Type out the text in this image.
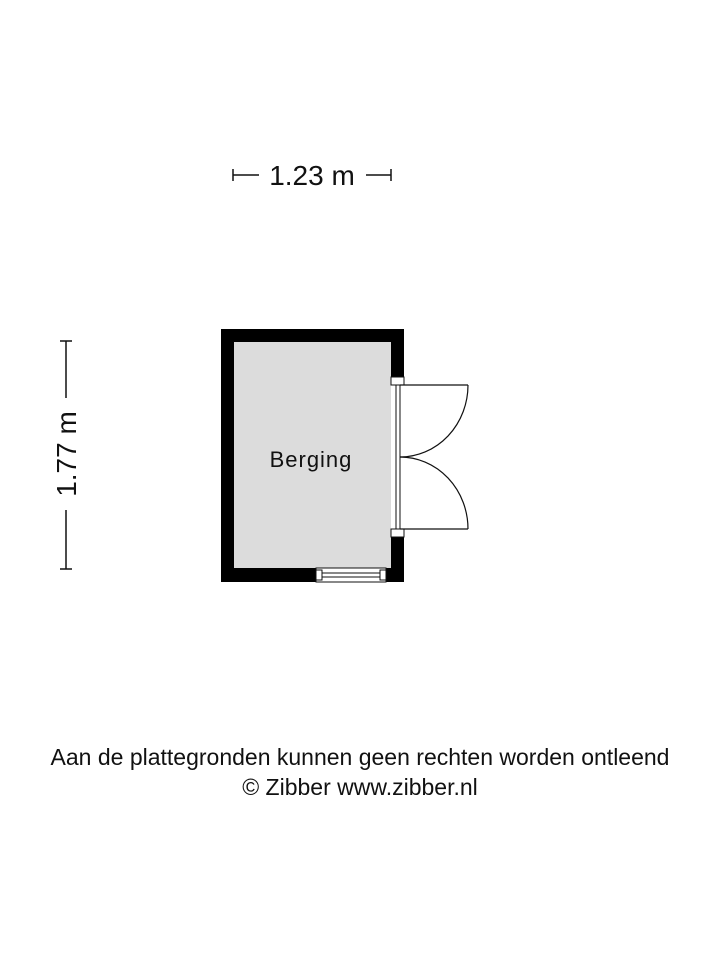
1.23 m
1.77 m	Berging
Aan de plattegronden kunnen geen rechten worden ontleend
© Zibber www.zibber.nl
